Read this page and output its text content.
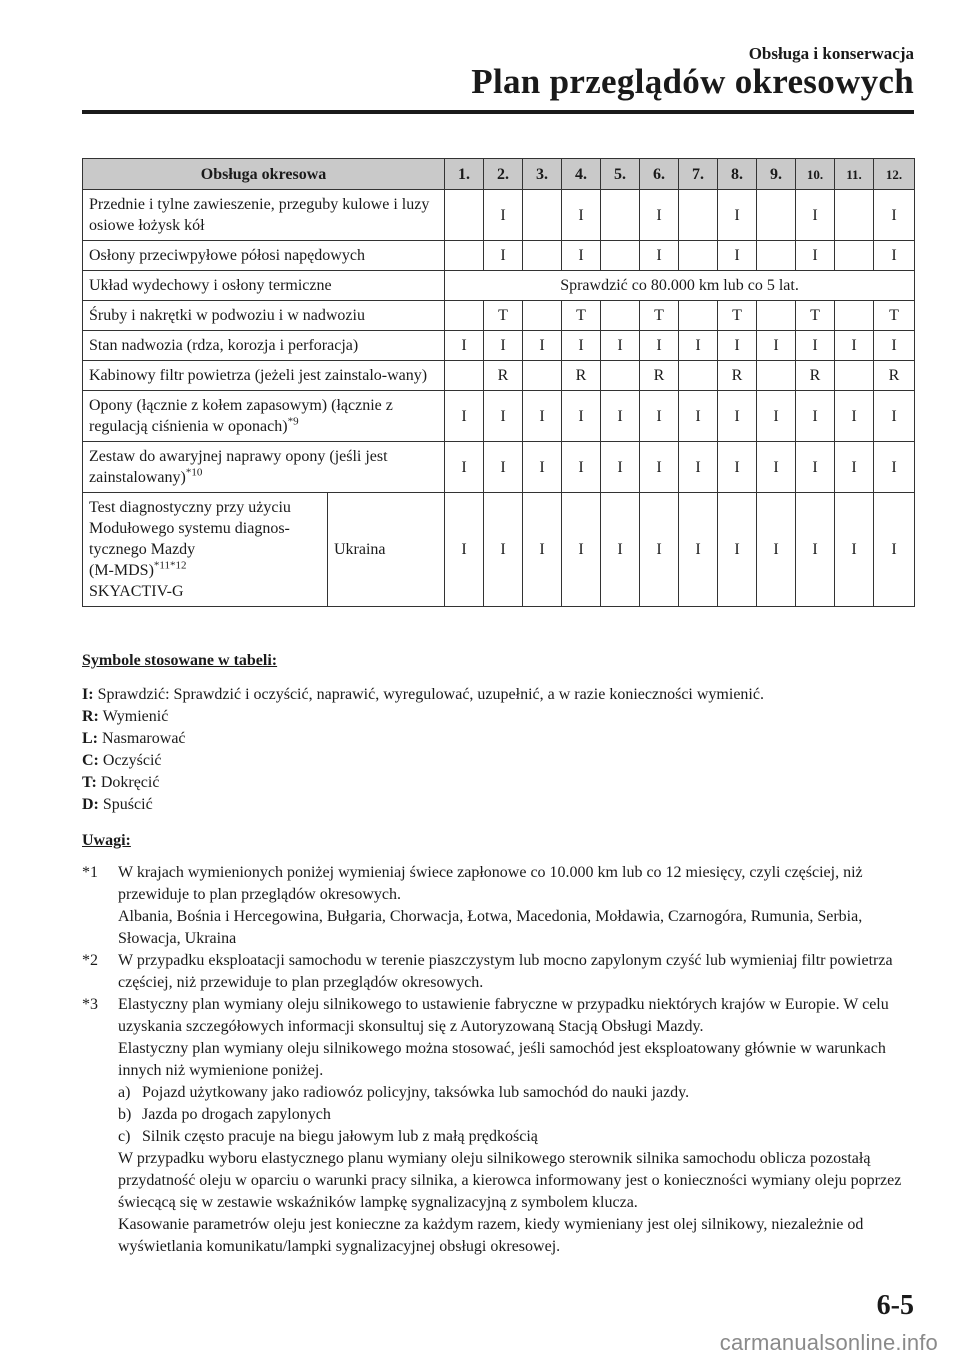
Obsługa i konserwacja
Plan przeglądów okresowych
Obsługa okresowa		1.	2.	3.	4.	5.	6.	7.	8.	9.	10.	11.	12.
Przednie i tylne zawieszenie, przeguby kulowe i luzy osiowe łożysk kół			I		I		I		I		I		I
Osłony przeciwpyłowe półosi napędowych			I		I		I		I		I		I
Układ wydechowy i osłony termiczne		Sprawdzić co 80.000 km lub co 5 lat.											
Śruby i nakrętki w podwoziu i w nadwoziu			T		T		T		T		T		T
Stan nadwozia (rdza, korozja i perforacja)		I	I	I	I	I	I	I	I	I	I	I	I
Kabinowy filtr powietrza (jeżeli jest zainstalo-wany)			R		R		R		R		R		R
Opony (łącznie z kołem zapasowym) (łącznie z regulacją ciśnienia w oponach)$^{*9}$		I	I	I	I	I	I	I	I	I	I	I	I
Zestaw do awaryjnej naprawy opony (jeśli jest zainstalowany)$^{*10}$		I	I	I	I	I	I	I	I	I	I	I	I
Test diagnostyczny przy użyciu
Modułowego systemu diagnos-
tycznego Mazdy
$(M-MDS)^{*11*12}$
SKYACTIV-G	Ukraina	I	I	I	I	I	I	I	I	I	I	I	I
Symbole stosowane w tabeli:
I: Sprawdzić: Sprawdzić i oczyścić, naprawić, wyregulować, uzupełnić, a w razie konieczności wymienić.
R: Wymienić
L: Nasmarować
C: Oczyścić
T: Dokręcić
D: Spuścić
Uwagi:
*1 W krajach wymienionych poniżej wymieniaj świece zapłonowe co 10.000 km lub co 12 miesięcy, czyli częściej, niż przewiduje to plan przeglądów okresowych.

Albania, Bośnia i Hercegowina, Bułgaria, Chorwacja, Łotwa, Macedonia, Mołdawia, Czarnogóra, Rumunia, Serbia, Słowacja, Ukraina

*2 W przypadku eksploatacji samochodu w terenie piaszczystym lub mocno zapylonym czyść lub wymieniaj filtr powietrza częściej, niż przewiduje to plan przeglądów okresowych.

*3 Elastyczny plan wymiany oleju silnikowego to ustawienie fabryczne w przypadku niektórych krajów w Europie. W celu uzyskania szczegółowych informacji skonsultuj się z Autoryzowaną Stacją Obsługi Mazdy.

Elastyczny plan wymiany oleju silnikowego można stosować, jeśli samochód jest eksploatowany głównie w warunkach innych niż wymienione poniżej.

a) Pojazd użytkowany jako radiowóz policyjny, taksówka lub samochód do nauki jazdy.
b) Jazda po drogach zapylonych
c) Silnik często pracuje na biegu jałowym lub z małą prędkością

W przypadku wyboru elastycznego planu wymiany oleju silnikowego sterownik silnika samochodu oblicza pozostałą przydatność oleju w oparciu o warunki pracy silnika, a kierowca informowany jest o konieczności wymiany oleju poprzez świecącą się w zestawie wskaźników lampkę sygnalizacyjną z symbolem klucza.

Kasowanie parametrów oleju jest konieczne za każdym razem, kiedy wymieniany jest olej silnikowy, niezależnie od wyświetlania komunikatu/lampki sygnalizacyjnej obsługi okresowej.

6-5
carmanualsonline.info
